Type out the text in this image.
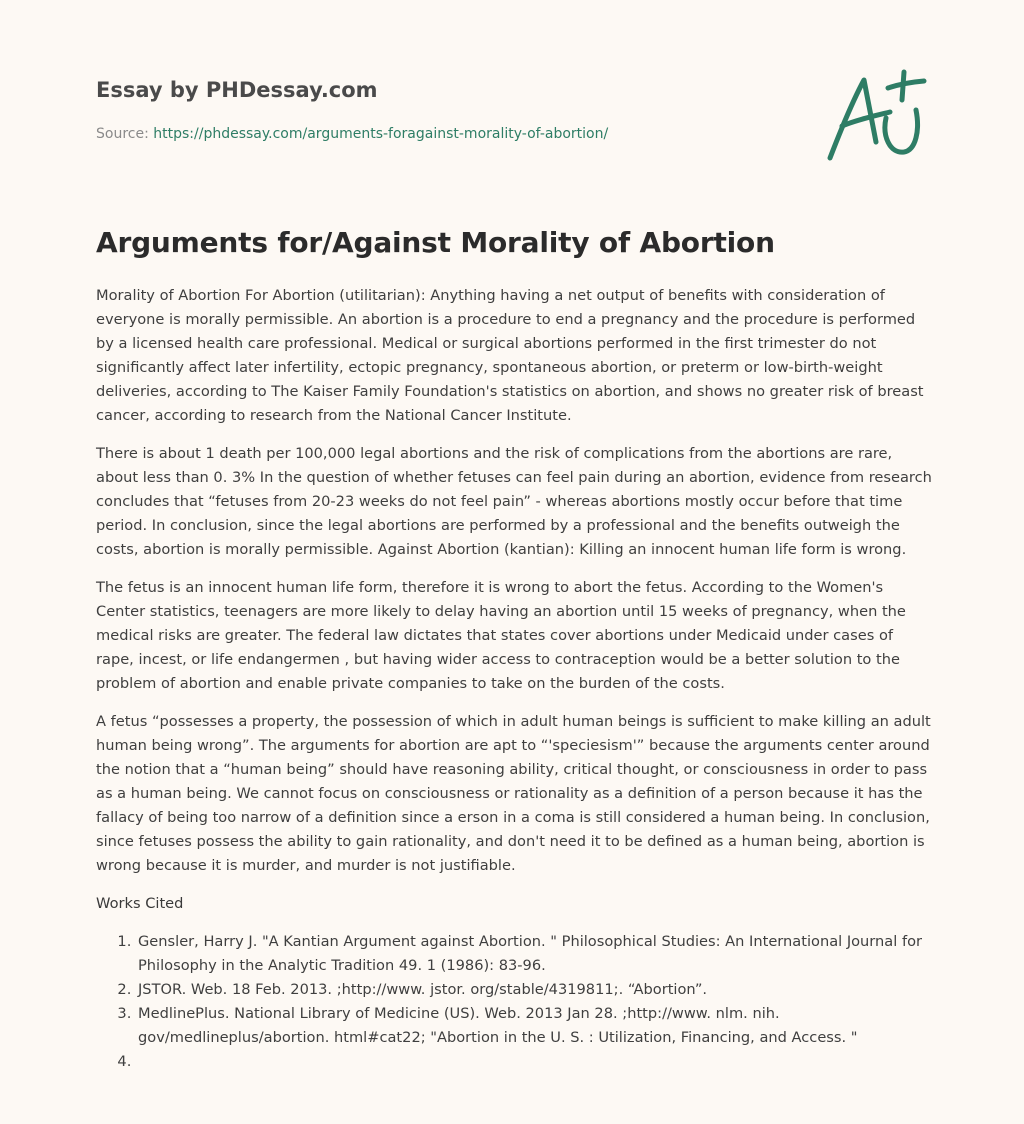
Essay by PHDessay.com
Source: https://phdessay.com/arguments-foragainst-morality-of-abortion/
Arguments for/Against Morality of Abortion

Morality of Abortion For Abortion (utilitarian): Anything having a net output of benefits with consideration of everyone is morally permissible. An abortion is a procedure to end a pregnancy and the procedure is performed by a licensed health care professional. Medical or surgical abortions performed in the first trimester do not significantly affect later infertility, ectopic pregnancy, spontaneous abortion, or preterm or low-birth-weight deliveries, according to The Kaiser Family Foundation's statistics on abortion, and shows no greater risk of breast cancer, according to research from the National Cancer Institute.

There is about 1 death per 100,000 legal abortions and the risk of complications from the abortions are rare, about less than 0. 3% In the question of whether fetuses can feel pain during an abortion, evidence from research concludes that “fetuses from 20-23 weeks do not feel pain” - whereas abortions mostly occur before that time period. In conclusion, since the legal abortions are performed by a professional and the benefits outweigh the costs, abortion is morally permissible. Against Abortion (kantian): Killing an innocent human life form is wrong.

The fetus is an innocent human life form, therefore it is wrong to abort the fetus. According to the Women's Center statistics, teenagers are more likely to delay having an abortion until 15 weeks of pregnancy, when the medical risks are greater. The federal law dictates that states cover abortions under Medicaid under cases of rape, incest, or life endangermen , but having wider access to contraception would be a better solution to the problem of abortion and enable private companies to take on the burden of the costs.

A fetus “possesses a property, the possession of which in adult human beings is sufficient to make killing an adult human being wrong”. The arguments for abortion are apt to “'speciesism'” because the arguments center around the notion that a “human being” should have reasoning ability, critical thought, or consciousness in order to pass as a human being. We cannot focus on consciousness or rationality as a definition of a person because it has the fallacy of being too narrow of a definition since a erson in a coma is still considered a human being. In conclusion, since fetuses possess the ability to gain rationality, and don't need it to be defined as a human being, abortion is wrong because it is murder, and murder is not justifiable.

Works Cited
1. Gensler, Harry J. "A Kantian Argument against Abortion. " Philosophical Studies: An International Journal for Philosophy in the Analytic Tradition 49. 1 (1986): 83-96.
2. JSTOR. Web. 18 Feb. 2013. ;http://www. jstor. org/stable/4319811;. “Abortion”.
3. MedlinePlus. National Library of Medicine (US). Web. 2013 Jan 28. ;http://www. nlm. nih. gov/medlineplus/abortion. html#cat22; "Abortion in the U. S. : Utilization, Financing, and Access. "
4.
